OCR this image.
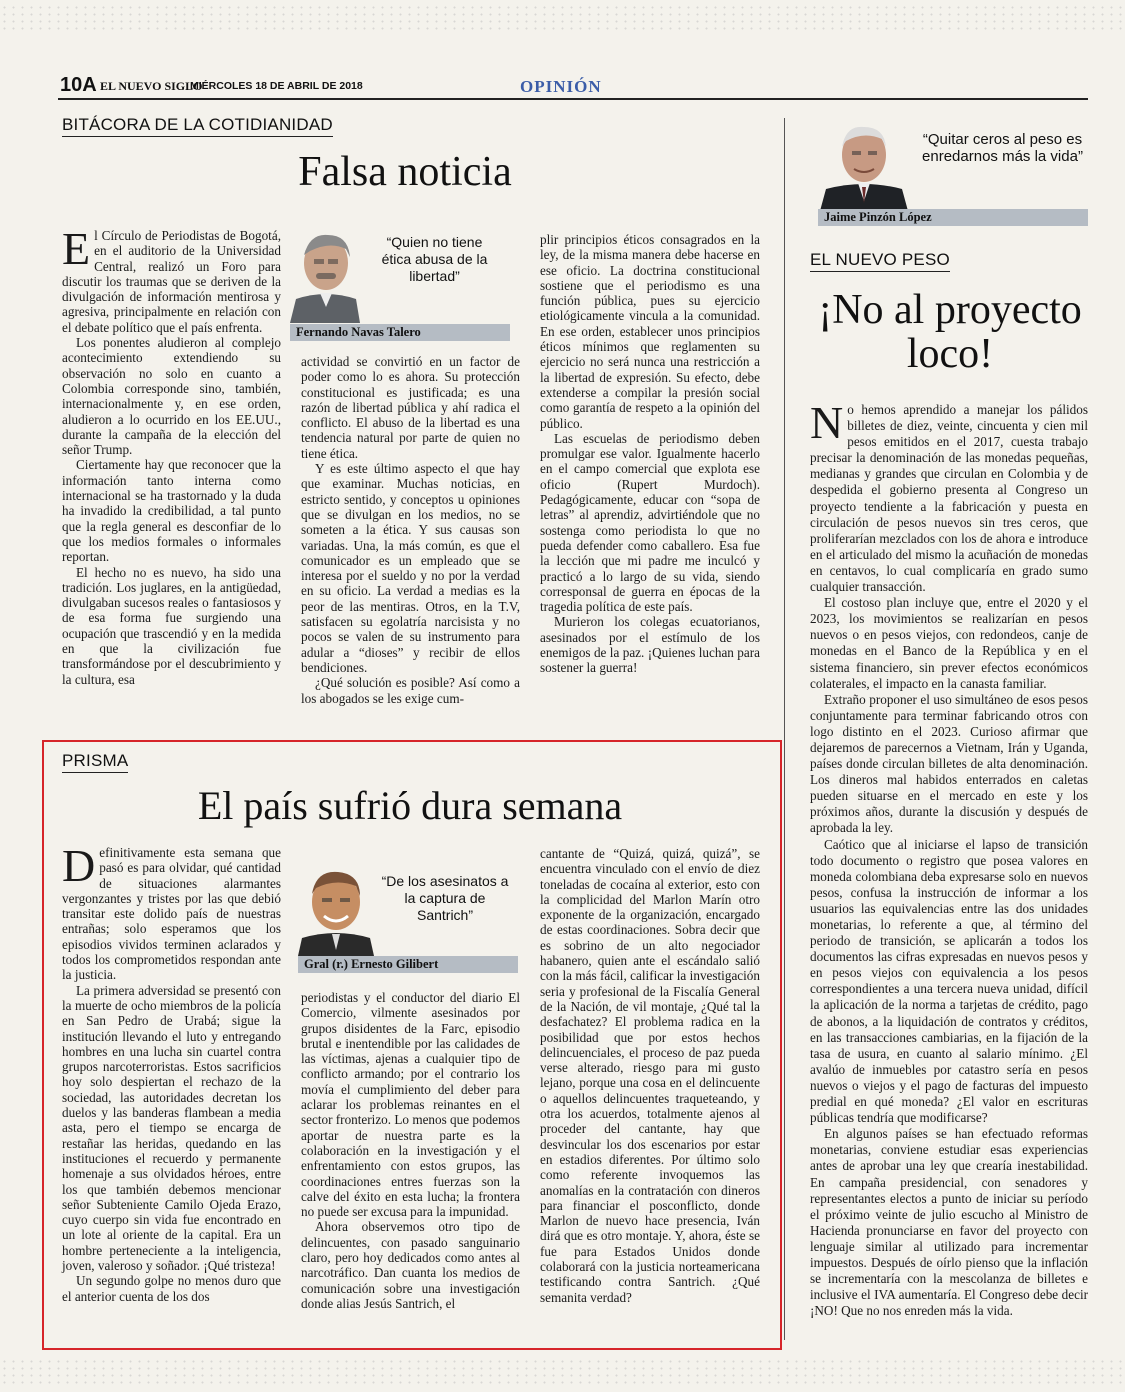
10A EL NUEVO SIGLO
MIÉRCOLES 18 DE ABRIL DE 2018	OPINIÓN
BITÁCORA DE LA COTIDIANIDAD
Falsa noticia
E l Círculo de Periodistas de Bogotá, en el auditorio de la Universidad Central, realizó un Foro para discutir los traumas que se deriven de la divulgación de información mentirosa y agresiva, principalmente en relación con el debate político que el país enfrenta.

Los ponentes aludieron al complejo acontecimiento extendiendo su observación no solo en cuanto a Colombia corresponde sino, también, internacionalmente y, en ese orden, aludieron a lo ocurrido en los EE.UU., durante la campaña de la elección del señor Trump.

Ciertamente hay que reconocer que la información tanto interna como internacional se ha trastornado y la duda ha invadido la credibilidad, a tal punto que la regla general es desconfiar de lo que los medios formales o informales reportan.

El hecho no es nuevo, ha sido una tradición. Los juglares, en la antigüedad, divulgaban sucesos reales o fantasiosos y de esa forma fue surgiendo una ocupación que trascendió y en la medida en que la civilización fue transformándose por el descubrimiento y la cultura, esa

“Quien no tiene ética abusa de la libertad”
Fernando Navas Talero

actividad se convirtió en un factor de poder como lo es ahora. Su protección constitucional es justificada; es una razón de libertad pública y ahí radica el conflicto. El abuso de la libertad es una tendencia natural por parte de quien no tiene ética.

Y es este último aspecto el que hay que examinar. Muchas noticias, en estricto sentido, y conceptos u opiniones que se divulgan en los medios, no se someten a la ética. Y sus causas son variadas. Una, la más común, es que el comunicador es un empleado que se interesa por el sueldo y no por la verdad en su oficio. La verdad a medias es la peor de las mentiras. Otros, en la T.V, satisfacen su egolatría narcisista y no pocos se valen de su instrumento para adular a “dioses” y recibir de ellos bendiciones.

¿Qué solución es posible? Así como a los abogados se les exige cum-

plir principios éticos consagrados en la ley, de la misma manera debe hacerse en ese oficio. La doctrina constitucional sostiene que el periodismo es una función pública, pues su ejercicio etiológicamente vincula a la comunidad. En ese orden, establecer unos principios éticos mínimos que reglamenten su ejercicio no será nunca una restricción a la libertad de expresión. Su efecto, debe extenderse a compilar la presión social como garantía de respeto a la opinión del público.

Las escuelas de periodismo deben promulgar ese valor. Igualmente hacerlo en el campo comercial que explota ese oficio (Rupert Murdoch). Pedagógicamente, educar con “sopa de letras” al aprendiz, advirtiéndole que no sostenga como periodista lo que no pueda defender como caballero. Esa fue la lección que mi padre me inculcó y practicó a lo largo de su vida, siendo corresponsal de guerra en épocas de la tragedia política de este país.

Murieron los colegas ecuatorianos, asesinados por el estímulo de los enemigos de la paz. ¡Quienes luchan para sostener la guerra!

PRISMA
El país sufrió dura semana
D efinitivamente esta semana que pasó es para olvidar, qué cantidad de situaciones alarmantes vergonzantes y tristes por las que debió transitar este dolido país de nuestras entrañas; solo esperamos que los episodios vividos terminen aclarados y todos los comprometidos respondan ante la justicia.

La primera adversidad se presentó con la muerte de ocho miembros de la policía en San Pedro de Urabá; sigue la institución llevando el luto y entregando hombres en una lucha sin cuartel contra grupos narcoterroristas. Estos sacrificios hoy solo despiertan el rechazo de la sociedad, las autoridades decretan los duelos y las banderas flambean a media asta, pero el tiempo se encarga de restañar las heridas, quedando en las instituciones el recuerdo y permanente homenaje a sus olvidados héroes, entre los que también debemos mencionar señor Subteniente Camilo Ojeda Erazo, cuyo cuerpo sin vida fue encontrado en un lote al oriente de la capital. Era un hombre perteneciente a la inteligencia, joven, valeroso y soñador. ¡Qué tristeza!

Un segundo golpe no menos duro que el anterior cuenta de los dos

“De los asesinatos a la captura de Santrich”
Gral (r.) Ernesto Gilibert

periodistas y el conductor del diario El Comercio, vilmente asesinados por grupos disidentes de la Farc, episodio brutal e inentendible por las calidades de las víctimas, ajenas a cualquier tipo de conflicto armando; por el contrario los movía el cumplimiento del deber para aclarar los problemas reinantes en el sector fronterizo. Lo menos que podemos aportar de nuestra parte es la colaboración en la investigación y el enfrentamiento con estos grupos, las coordinaciones entres fuerzas son la calve del éxito en esta lucha; la frontera no puede ser excusa para la impunidad.

Ahora observemos otro tipo de delincuentes, con pasado sanguinario claro, pero hoy dedicados como antes al narcotráfico. Dan cuanta los medios de comunicación sobre una investigación donde alias Jesús Santrich, el

cantante de “Quizá, quizá, quizá”, se encuentra vinculado con el envío de diez toneladas de cocaína al exterior, esto con la complicidad del Marlon Marín otro exponente de la organización, encargado de estas coordinaciones. Sobra decir que es sobrino de un alto negociador habanero, quien ante el escándalo salió con la más fácil, calificar la investigación seria y profesional de la Fiscalía General de la Nación, de vil montaje, ¿Qué tal la desfachatez? El problema radica en la posibilidad que por estos hechos delincuenciales, el proceso de paz pueda verse alterado, riesgo para mi gusto lejano, porque una cosa en el delincuente o aquellos delincuentes traqueteando, y otra los acuerdos, totalmente ajenos al proceder del cantante, hay que desvincular los dos escenarios por estar en estadios diferentes. Por último solo como referente invoquemos las anomalías en la contratación con dineros para financiar el posconflicto, donde Marlon de nuevo hace presencia, Iván dirá que es otro montaje. Y, ahora, éste se fue para Estados Unidos donde colaborará con la justicia norteamericana testificando contra Santrich. ¿Qué semanita verdad?

“Quitar ceros al peso es enredarnos más la vida”
Jaime Pinzón López
EL NUEVO PESO
¡No al proyecto loco!
N o hemos aprendido a manejar los pálidos billetes de diez, veinte, cincuenta y cien mil pesos emitidos en el 2017, cuesta trabajo precisar la denominación de las monedas pequeñas, medianas y grandes que circulan en Colombia y de despedida el gobierno presenta al Congreso un proyecto tendiente a la fabricación y puesta en circulación de pesos nuevos sin tres ceros, que proliferarían mezclados con los de ahora e introduce en el articulado del mismo la acuñación de monedas en centavos, lo cual complicaría en grado sumo cualquier transacción.

El costoso plan incluye que, entre el 2020 y el 2023, los movimientos se realizarían en pesos nuevos o en pesos viejos, con redondeos, canje de monedas en el Banco de la República y en el sistema financiero, sin prever efectos económicos colaterales, el impacto en la canasta familiar.

Extraño proponer el uso simultáneo de esos pesos conjuntamente para terminar fabricando otros con logo distinto en el 2023. Curioso afirmar que dejaremos de parecernos a Vietnam, Irán y Uganda, países donde circulan billetes de alta denominación. Los dineros mal habidos enterrados en caletas pueden situarse en el mercado en este y los próximos años, durante la discusión y después de aprobada la ley.

Caótico que al iniciarse el lapso de transición todo documento o registro que posea valores en moneda colombiana deba expresarse solo en nuevos pesos, confusa la instrucción de informar a los usuarios las equivalencias entre las dos unidades monetarias, lo referente a que, al término del periodo de transición, se aplicarán a todos los documentos las cifras expresadas en nuevos pesos y en pesos viejos con equivalencia a los pesos correspondientes a una tercera nueva unidad, difícil la aplicación de la norma a tarjetas de crédito, pago de abonos, a la liquidación de contratos y créditos, en las transacciones cambiarias, en la fijación de la tasa de usura, en cuanto al salario mínimo. ¿El avalúo de inmuebles por catastro sería en pesos nuevos o viejos y el pago de facturas del impuesto predial en qué moneda? ¿El valor en escrituras públicas tendría que modificarse?

En algunos países se han efectuado reformas monetarias, conviene estudiar esas experiencias antes de aprobar una ley que crearía inestabilidad. En campaña presidencial, con senadores y representantes electos a punto de iniciar su período el próximo veinte de julio escucho al Ministro de Hacienda pronunciarse en favor del proyecto con lenguaje similar al utilizado para incrementar impuestos. Después de oírlo pienso que la inflación se incrementaría con la mescolanza de billetes e inclusive el IVA aumentaría. El Congreso debe decir ¡NO! Que no nos enreden más la vida.
